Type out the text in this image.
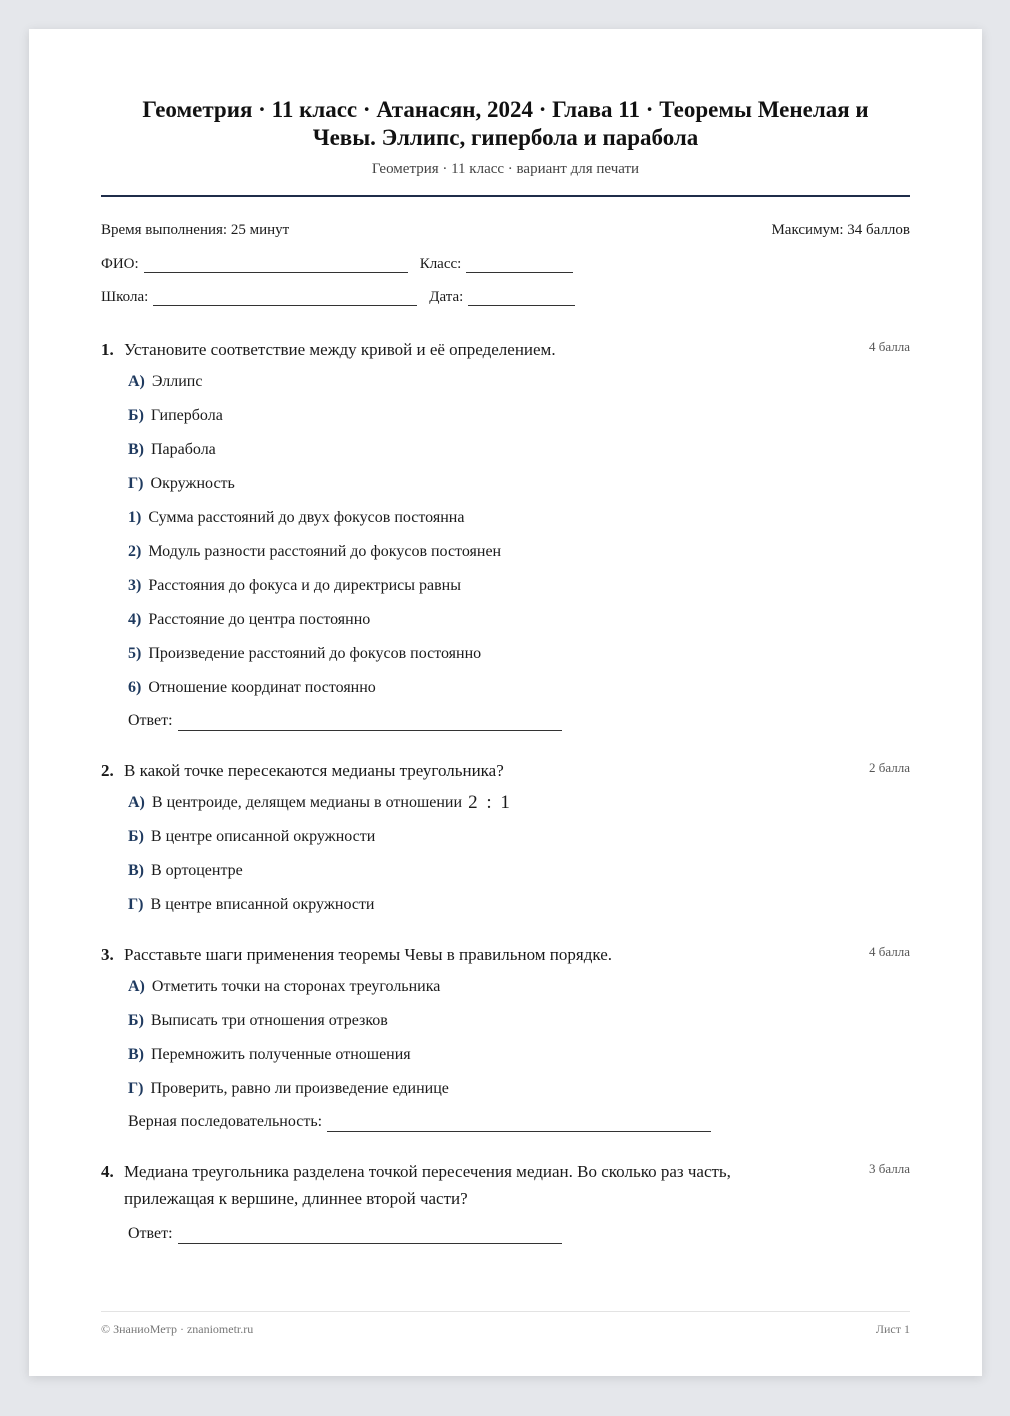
Геометрия · 11 класс · Атанасян, 2024 · Глава 11 · Теоремы Менелая и
Чевы. Эллипс, гипербола и парабола
Геометрия · 11 класс · вариант для печати
Время выполнения: 25 минут	Максимум: 34 баллов
ФИО:	Класс:
Школа:	Дата:
1. Установите соответствие между кривой и её определением.	4 балла
А) Эллипс
Б) Гипербола
В) Парабола
Г) Окружность
1) Сумма расстояний до двух фокусов постоянна
2) Модуль разности расстояний до фокусов постоянен
3) Расстояния до фокуса и до директрисы равны
4) Расстояние до центра постоянно
5) Произведение расстояний до фокусов постоянно
6) Отношение координат постоянно
Ответ:
2. В какой точке пересекаются медианы треугольника?	2 балла
А) В центроиде, делящем медианы в отношении 2 : 1
Б) В центре описанной окружности
В) В ортоцентре
Г) В центре вписанной окружности
3. Расставьте шаги применения теоремы Чевы в правильном порядке.	4 балла
А) Отметить точки на сторонах треугольника
Б) Выписать три отношения отрезков
В) Перемножить полученные отношения
Г) Проверить, равно ли произведение единице
Верная последовательность:
4. Медиана треугольника разделена точкой пересечения медиан. Во сколько раз часть, прилежащая к вершине, длиннее второй части?
3 балла
Ответ:
© ЗнаниоМетр · znaniometr.ru	Лист 1
